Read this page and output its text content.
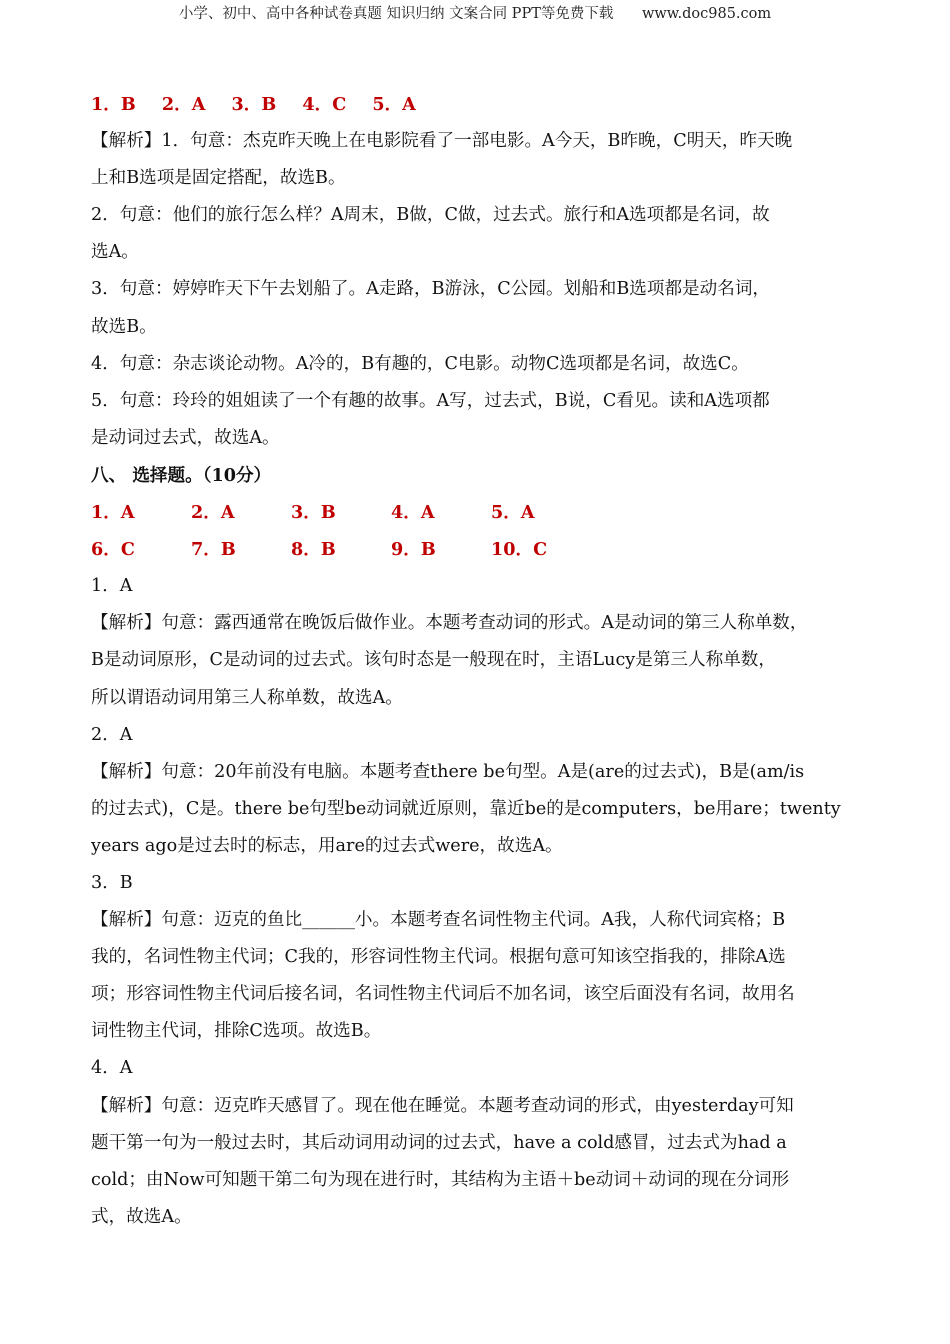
小学、初中、高中各种试卷真题 知识归纳 文案合同 PPT等免费下载 www.doc985.com
1．B 2．A 3．B 4．C 5．A
【解析】1．句意：杰克昨天晚上在电影院看了一部电影。A今天，B昨晚，C明天，昨天晚
上和B选项是固定搭配，故选B。
2．句意：他们的旅行怎么样？A周末，B做，C做，过去式。旅行和A选项都是名词，故
选A。
3．句意：婷婷昨天下午去划船了。A走路，B游泳，C公园。划船和B选项都是动名词，
故选B。
4．句意：杂志谈论动物。A冷的，B有趣的，C电影。动物C选项都是名词，故选C。
5．句意：玲玲的姐姐读了一个有趣的故事。A写，过去式，B说，C看见。读和A选项都
是动词过去式，故选A。
八、 选择题。（10分）
1．A	2．A	3．B	4．A	5．A
6．C	7．B	8．B	9．B	10．C
1．A
【解析】句意：露西通常在晚饭后做作业。本题考查动词的形式。A是动词的第三人称单数，
B是动词原形，C是动词的过去式。该句时态是一般现在时，主语Lucy是第三人称单数，
所以谓语动词用第三人称单数，故选A。
2．A
【解析】句意：20年前没有电脑。本题考查there be句型。A是(are的过去式)，B是(am/is
的过去式)，C是。there be句型be动词就近原则，靠近be的是computers，be用are；twenty
years ago是过去时的标志，用are的过去式were，故选A。
3．B
【解析】句意：迈克的鱼比______小。本题考查名词性物主代词。A我，人称代词宾格；B
我的，名词性物主代词；C我的，形容词性物主代词。根据句意可知该空指我的，排除A选
项；形容词性物主代词后接名词，名词性物主代词后不加名词，该空后面没有名词，故用名
词性物主代词，排除C选项。故选B。
4．A
【解析】句意：迈克昨天感冒了。现在他在睡觉。本题考查动词的形式，由yesterday可知
题干第一句为一般过去时，其后动词用动词的过去式，have a cold感冒，过去式为had a
cold；由Now可知题干第二句为现在进行时，其结构为主语＋be动词＋动词的现在分词形
式，故选A。
